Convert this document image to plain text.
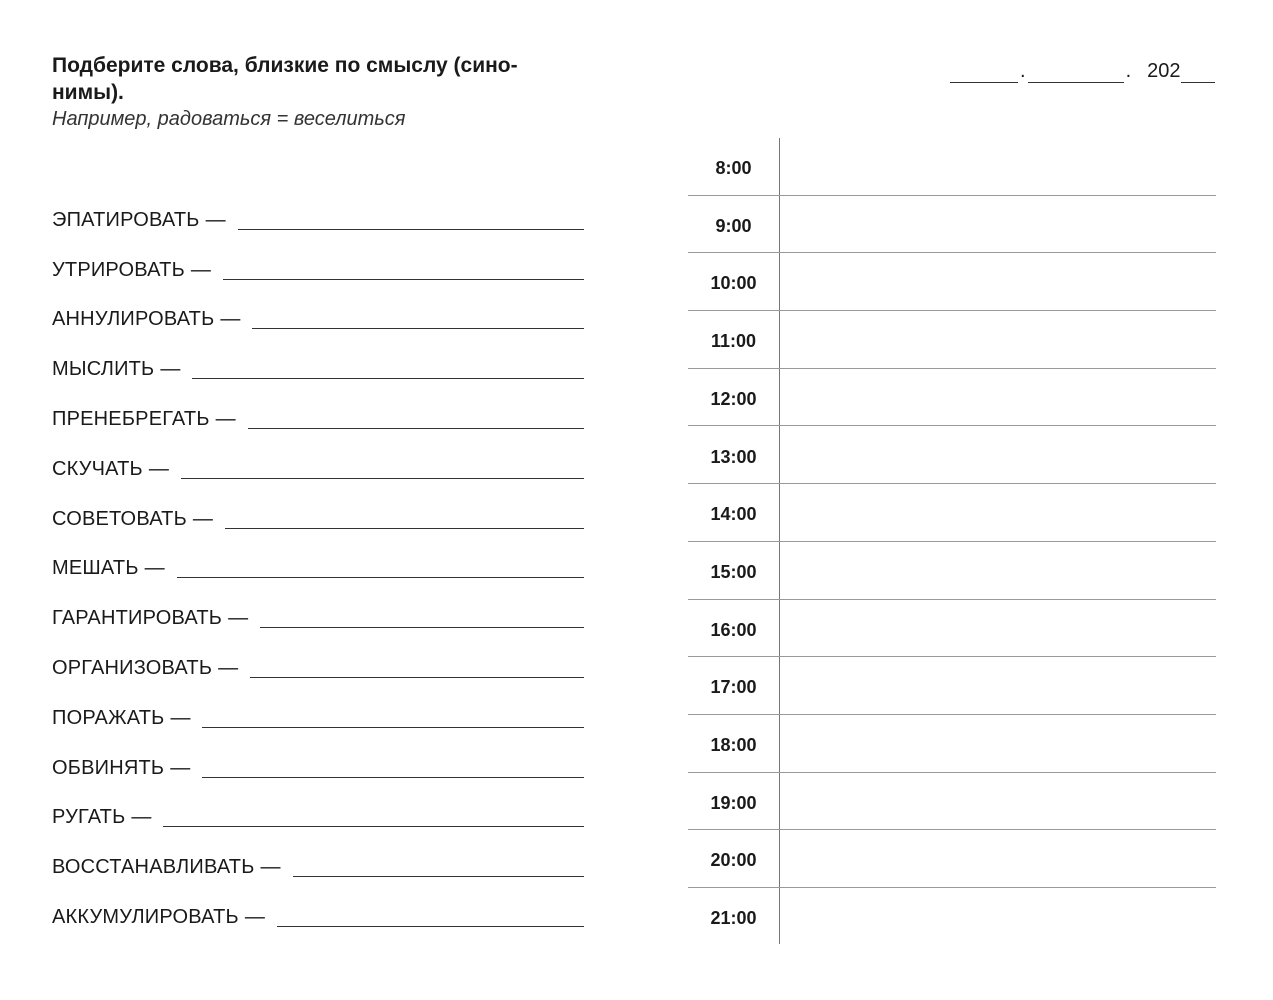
Подберите слова, близкие по смыслу (сино-
нимы).
Например, радоваться = веселиться
.	. 202
ЭПАТИРОВАТЬ —
УТРИРОВАТЬ —
АННУЛИРОВАТЬ —
МЫСЛИТЬ —
ПРЕНЕБРЕГАТЬ —
СКУЧАТЬ —
СОВЕТОВАТЬ —
МЕШАТЬ —
ГАРАНТИРОВАТЬ —
ОРГАНИЗОВАТЬ —
ПОРАЖАТЬ —
ОБВИНЯТЬ —
РУГАТЬ —
ВОССТАНАВЛИВАТЬ —
АККУМУЛИРОВАТЬ —
8:00
9:00
10:00
11:00
12:00
13:00
14:00
15:00
16:00
17:00
18:00
19:00
20:00
21:00
